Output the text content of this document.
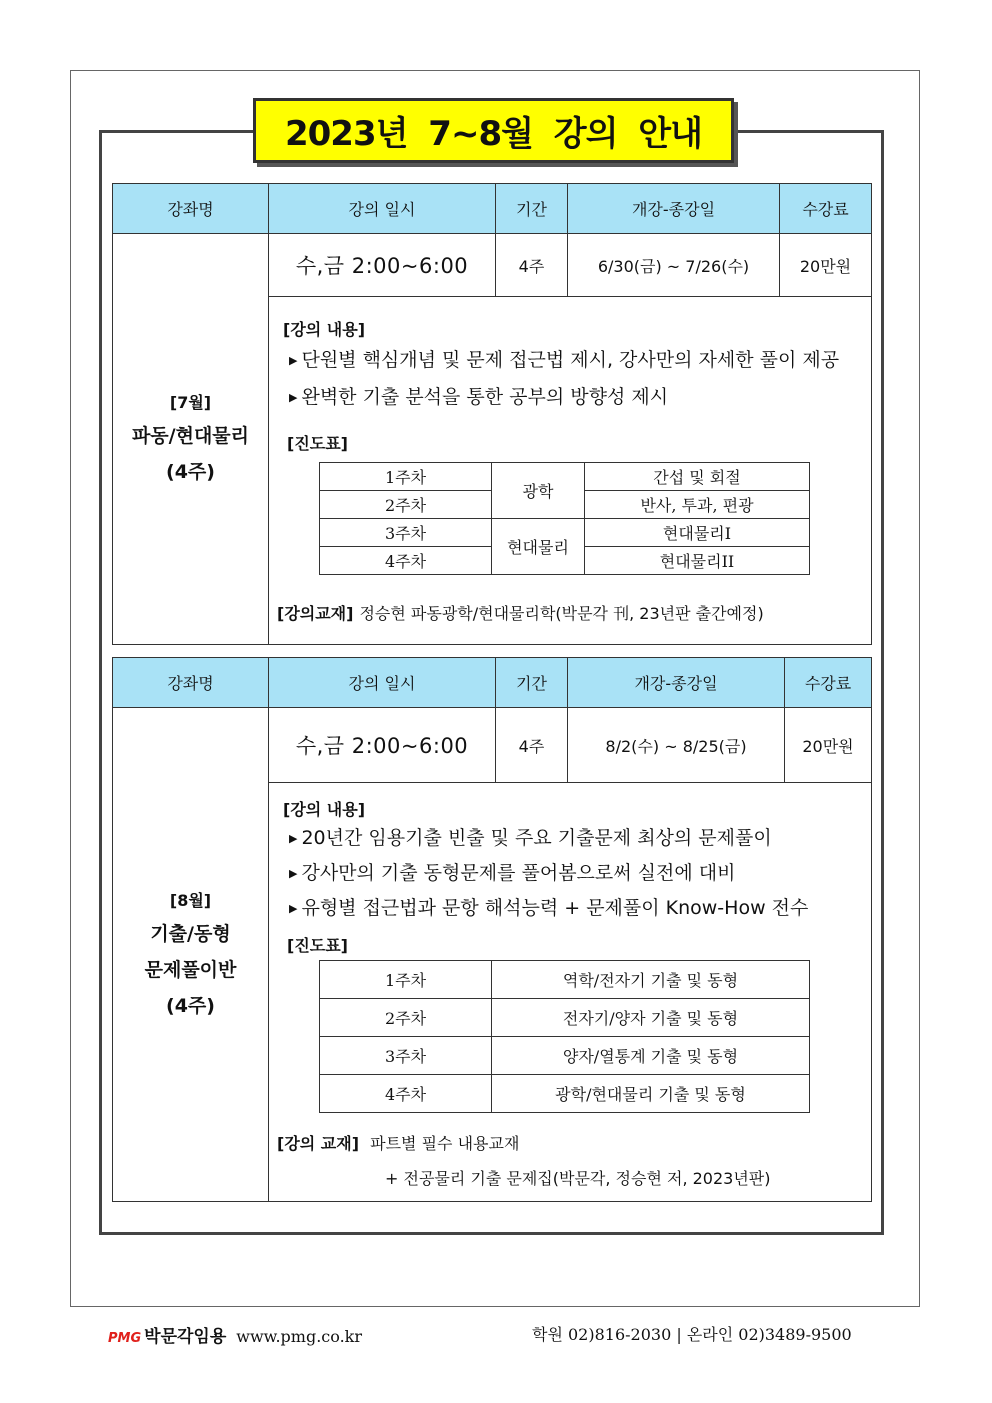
2023년 7~8월 강의 안내
강좌명	강의 일시	기간	개강-종강일	수강료

[7월]
파동/현대물리
(4주)
	수,금 2:00~6:00	4주	6/30(금) ~ 7/26(수)	20만원

[강의 내용]
▶ 단원별 핵심개념 및 문제 접근법 제시, 강사만의 자세한 풀이 제공
▶ 완벽한 기출 분석을 통한 공부의 방향성 제시
[진도표]
1주차	광학	간섭 및 회절
2주차	반사, 투과, 편광
3주차	현대물리	현대물리I
4주차	현대물리II
[강의교재] 정승현 파동광학/현대물리학(박문각 刊, 23년판 출간예정)
강좌명	강의 일시	기간	개강-종강일	수강료

[8월]
기출/동형
문제풀이반
(4주)
	수,금 2:00~6:00	4주	8/2(수) ~ 8/25(금)	20만원

[강의 내용]
▶ 20년간 임용기출 빈출 및 주요 기출문제 최상의 문제풀이
▶ 강사만의 기출 동형문제를 풀어봄으로써 실전에 대비
▶ 유형별 접근법과 문항 해석능력 + 문제풀이 Know-How 전수
[진도표]
1주차	역학/전자기 기출 및 동형
2주차	전자기/양자 기출 및 동형
3주차	양자/열통계 기출 및 동형
4주차	광학/현대물리 기출 및 동형
[강의 교재] 파트별 필수 내용교재
+ 전공물리 기출 문제집(박문각, 정승현 저, 2023년판)
PMG 박문각임용 www.pmg.co.kr	학원 02)816-2030 | 온라인 02)3489-9500
